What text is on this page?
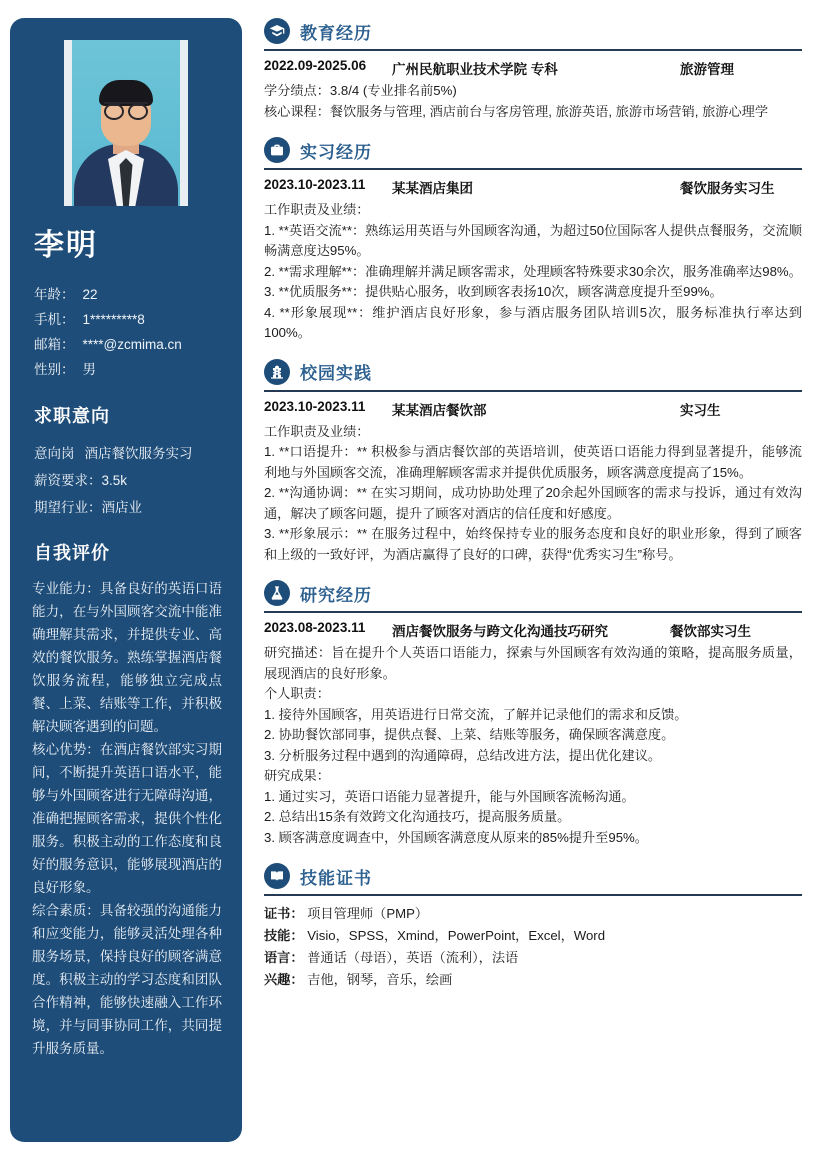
李明
年龄： 22
手机： 1*********8
邮箱： ****@zcmima.cn
性别： 男
求职意向
意向岗 酒店餐饮服务实习
薪资要求：3.5k
期望行业：酒店业
自我评价

专业能力：具备良好的英语口语能力，在与外国顾客交流中能准确理解其需求，并提供专业、高效的餐饮服务。熟练掌握酒店餐饮服务流程，能够独立完成点餐、上菜、结账等工作，并积极解决顾客遇到的问题。

核心优势：在酒店餐饮部实习期间，不断提升英语口语水平，能够与外国顾客进行无障碍沟通，准确把握顾客需求，提供个性化服务。积极主动的工作态度和良好的服务意识，能够展现酒店的良好形象。

综合素质：具备较强的沟通能力和应变能力，能够灵活处理各种服务场景，保持良好的顾客满意度。积极主动的学习态度和团队合作精神，能够快速融入工作环境，并与同事协同工作，共同提升服务质量。

教育经历
2022.09-2025.06	广州民航职业技术学院 专科	旅游管理
学分绩点：3.8/4 (专业排名前5%)
核心课程：餐饮服务与管理, 酒店前台与客房管理, 旅游英语, 旅游市场营销, 旅游心理学
实习经历
2023.10-2023.11	某某酒店集团	餐饮服务实习生
工作职责及业绩：
1. **英语交流**：熟练运用英语与外国顾客沟通，为超过50位国际客人提供点餐服务，交流顺畅满意度达95%。
2. **需求理解**：准确理解并满足顾客需求，处理顾客特殊要求30余次，服务准确率达98%。
3. **优质服务**：提供贴心服务，收到顾客表扬10次，顾客满意度提升至99%。
4. **形象展现**：维护酒店良好形象，参与酒店服务团队培训5次，服务标准执行率达到100%。
校园实践
2023.10-2023.11	某某酒店餐饮部	实习生
工作职责及业绩：
1. **口语提升：** 积极参与酒店餐饮部的英语培训，使英语口语能力得到显著提升，能够流利地与外国顾客交流，准确理解顾客需求并提供优质服务，顾客满意度提高了15%。
2. **沟通协调：** 在实习期间，成功协助处理了20余起外国顾客的需求与投诉，通过有效沟通，解决了顾客问题，提升了顾客对酒店的信任度和好感度。
3. **形象展示：** 在服务过程中，始终保持专业的服务态度和良好的职业形象，得到了顾客和上级的一致好评，为酒店赢得了良好的口碑，获得“优秀实习生”称号。
研究经历
2023.08-2023.11	酒店餐饮服务与跨文化沟通技巧研究	餐饮部实习生
研究描述：旨在提升个人英语口语能力，探索与外国顾客有效沟通的策略，提高服务质量，展现酒店的良好形象。
个人职责：
1. 接待外国顾客，用英语进行日常交流，了解并记录他们的需求和反馈。
2. 协助餐饮部同事，提供点餐、上菜、结账等服务，确保顾客满意度。
3. 分析服务过程中遇到的沟通障碍，总结改进方法，提出优化建议。
研究成果：
1. 通过实习，英语口语能力显著提升，能与外国顾客流畅沟通。
2. 总结出15条有效跨文化沟通技巧，提高服务质量。
3. 顾客满意度调查中，外国顾客满意度从原来的85%提升至95%。
技能证书
证书： 项目管理师（PMP）
技能： Visio，SPSS，Xmind，PowerPoint，Excel，Word
语言： 普通话（母语），英语（流利），法语
兴趣： 吉他，钢琴，音乐，绘画
